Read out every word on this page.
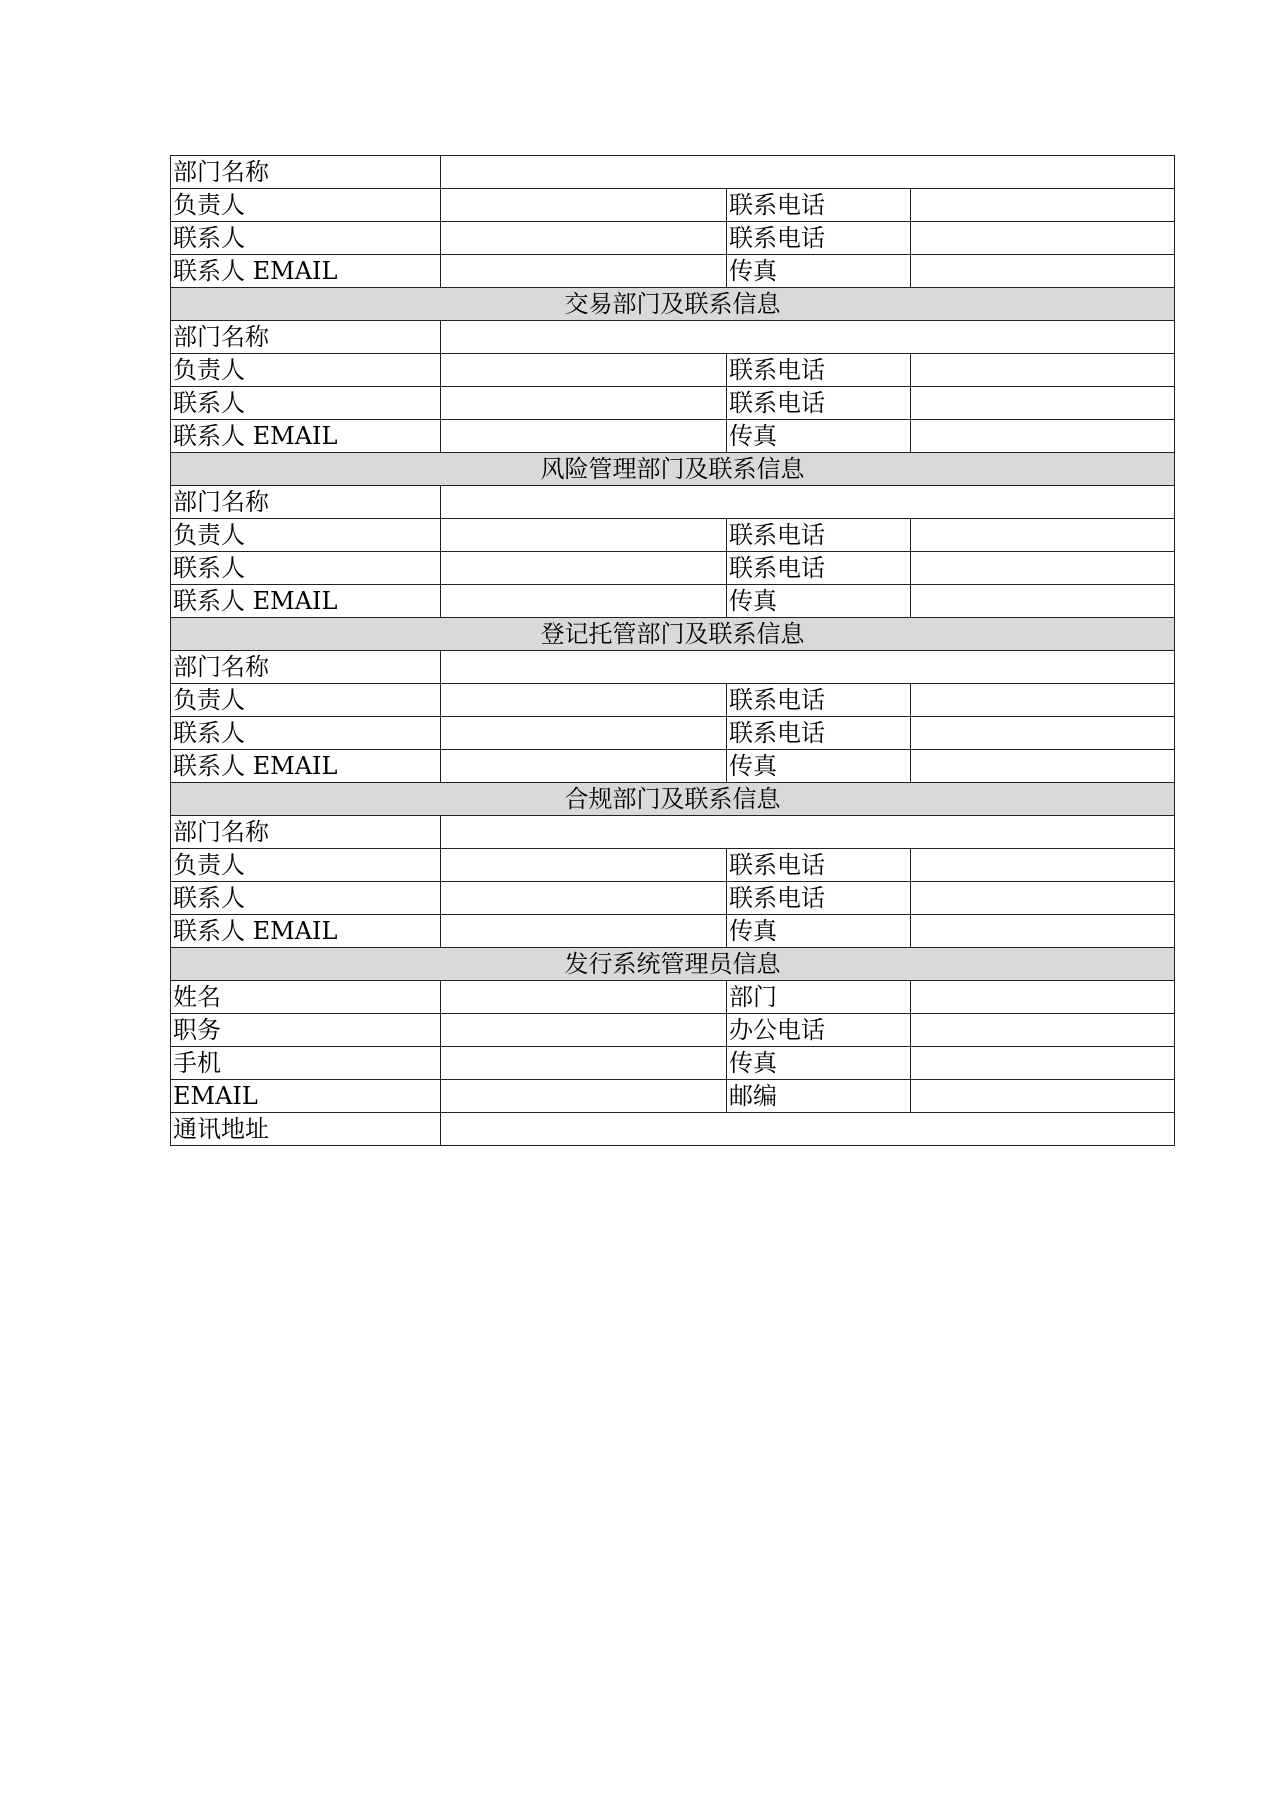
部门名称			
负责人		联系电话	
联系人		联系电话	
联系人 EMAIL		传真	
交易部门及联系信息			
部门名称			
负责人		联系电话	
联系人		联系电话	
联系人 EMAIL		传真	
风险管理部门及联系信息			
部门名称			
负责人		联系电话	
联系人		联系电话	
联系人 EMAIL		传真	
登记托管部门及联系信息			
部门名称			
负责人		联系电话	
联系人		联系电话	
联系人 EMAIL		传真	
合规部门及联系信息			
部门名称			
负责人		联系电话	
联系人		联系电话	
联系人 EMAIL		传真	
发行系统管理员信息			
姓名		部门	
职务		办公电话	
手机		传真	
EMAIL		邮编	
通讯地址			
